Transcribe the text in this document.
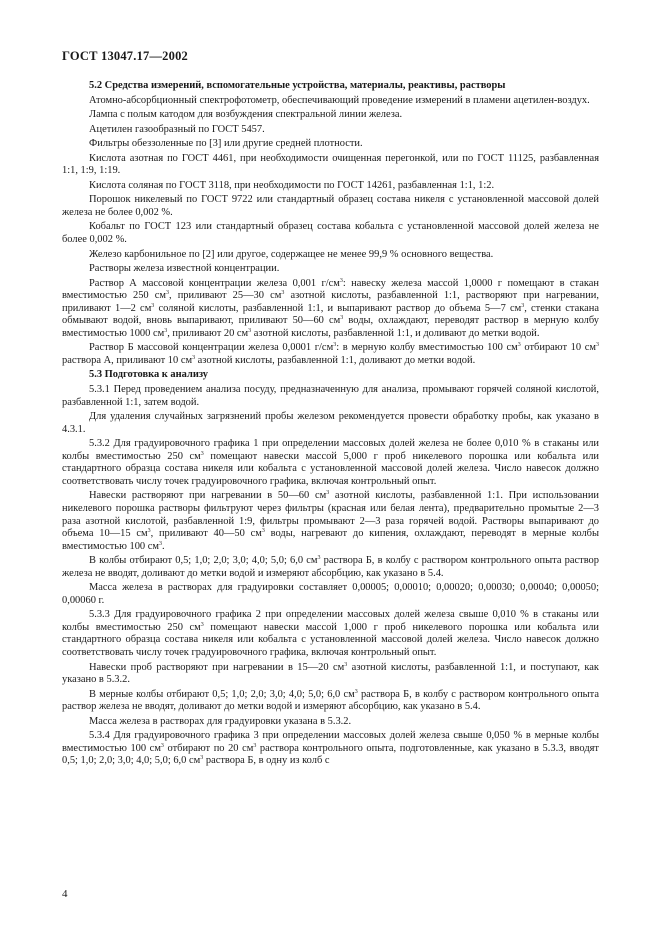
ГОСТ 13047.17—2002

5.2 Средства измерений, вспомогательные устройства, материалы, реактивы, растворы

Атомно-абсорбционный спектрофотометр, обеспечивающий проведение измерений в пламени ацетилен-воздух.

Лампа с полым катодом для возбуждения спектральной линии железа.

Ацетилен газообразный по ГОСТ 5457.

Фильтры обеззоленные по [3] или другие средней плотности.

Кислота азотная по ГОСТ 4461, при необходимости очищенная перегонкой, или по ГОСТ 11125, разбавленная 1:1, 1:9, 1:19.

Кислота соляная по ГОСТ 3118, при необходимости по ГОСТ 14261, разбавленная 1:1, 1:2.

Порошок никелевый по ГОСТ 9722 или стандартный образец состава никеля с установленной массовой долей железа не более 0,002 %.

Кобальт по ГОСТ 123 или стандартный образец состава кобальта с установленной массовой долей железа не более 0,002 %.

Железо карбонильное по [2] или другое, содержащее не менее 99,9 % основного вещества.

Растворы железа известной концентрации.

Раствор А массовой концентрации железа 0,001 $г/см^3$: навеску железа массой 1,0000 г помещают в стакан вместимостью 250 $см^3$, приливают 25—30 $см^3$ азотной кислоты, разбавленной 1:1, растворяют при нагревании, приливают 1—2 $см^3$ соляной кислоты, разбавленной 1:1, и выпаривают раствор до объема 5—7 $см^3$, стенки стакана обмывают водой, вновь выпаривают, приливают 50—60 $см^3$ воды, охлаждают, переводят раствор в мерную колбу вместимостью 1000 $см^3$, приливают 20 $см^3$ азотной кислоты, разбавленной 1:1, и доливают до метки водой.

Раствор Б массовой концентрации железа 0,0001 $г/см^3$: в мерную колбу вместимостью 100 $см^3$ отбирают 10 $см^3$ раствора А, приливают 10 $см^3$ азотной кислоты, разбавленной 1:1, доливают до метки водой.

5.3 Подготовка к анализу

5.3.1 Перед проведением анализа посуду, предназначенную для анализа, промывают горячей соляной кислотой, разбавленной 1:1, затем водой.

Для удаления случайных загрязнений пробы железом рекомендуется провести обработку пробы, как указано в 4.3.1.

5.3.2 Для градуировочного графика 1 при определении массовых долей железа не более 0,010 % в стаканы или колбы вместимостью 250 $см^3$ помещают навески массой 5,000 г проб никелевого порошка или кобальта или стандартного образца состава никеля или кобальта с установленной массовой долей железа. Число навесок должно соответствовать числу точек градуировочного графика, включая контрольный опыт.

Навески растворяют при нагревании в 50—60 $см^3$ азотной кислоты, разбавленной 1:1. При использовании никелевого порошка растворы фильтруют через фильтры (красная или белая лента), предварительно промытые 2—3 раза азотной кислотой, разбавленной 1:9, фильтры промывают 2—3 раза горячей водой. Растворы выпаривают до объема 10—15 $см^3$, приливают 40—50 $см^3$ воды, нагревают до кипения, охлаждают, переводят в мерные колбы вместимостью 100 $см^3$.

В колбы отбирают 0,5; 1,0; 2,0; 3,0; 4,0; 5,0; 6,0 $см^3$ раствора Б, в колбу с раствором контрольного опыта раствор железа не вводят, доливают до метки водой и измеряют абсорбцию, как указано в 5.4.

Масса железа в растворах для градуировки составляет 0,00005; 0,00010; 0,00020; 0,00030; 0,00040; 0,00050; 0,00060 г.

5.3.3 Для градуировочного графика 2 при определении массовых долей железа свыше 0,010 % в стаканы или колбы вместимостью 250 $см^3$ помещают навески массой 1,000 г проб никелевого порошка или кобальта или стандартного образца состава никеля или кобальта с установленной массовой долей железа. Число навесок должно соответствовать числу точек градуировочного графика, включая контрольный опыт.

Навески проб растворяют при нагревании в 15—20 $см^3$ азотной кислоты, разбавленной 1:1, и поступают, как указано в 5.3.2.

В мерные колбы отбирают 0,5; 1,0; 2,0; 3,0; 4,0; 5,0; 6,0 $см^3$ раствора Б, в колбу с раствором контрольного опыта раствор железа не вводят, доливают до метки водой и измеряют абсорбцию, как указано в 5.4.

Масса железа в растворах для градуировки указана в 5.3.2.

5.3.4 Для градуировочного графика 3 при определении массовых долей железа свыше 0,050 % в мерные колбы вместимостью 100 $см^3$ отбирают по 20 $см^3$ раствора контрольного опыта, подготовленные, как указано в 5.3.3, вводят 0,5; 1,0; 2,0; 3,0; 4,0; 5,0; 6,0 $см^3$ раствора Б, в одну из колб с

4
